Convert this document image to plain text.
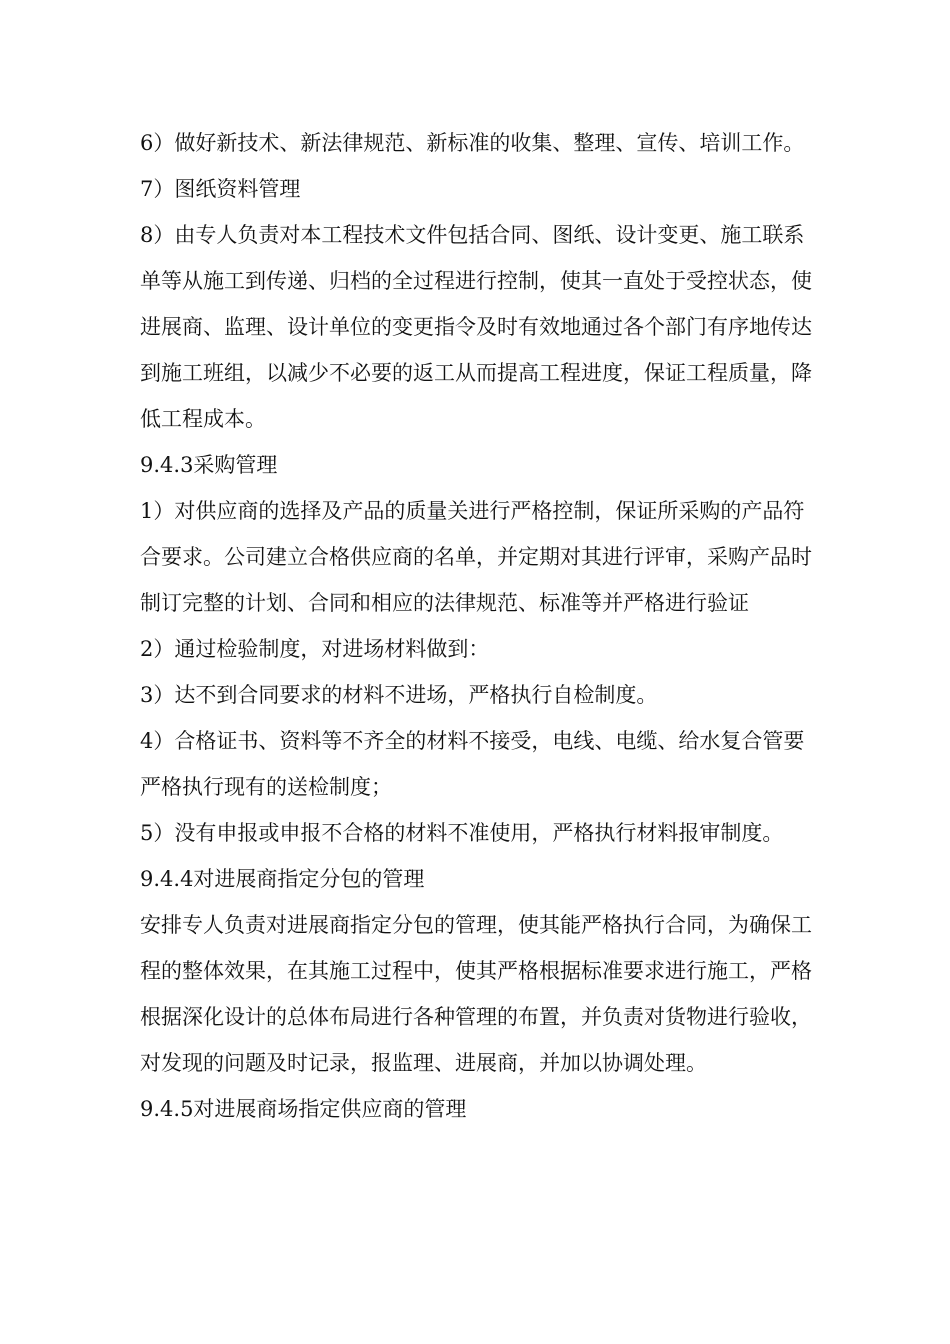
6）做好新技术、新法律规范、新标准的收集、整理、宣传、培训工作。
7）图纸资料管理
8）由专人负责对本工程技术文件包括合同、图纸、设计变更、施工联系
单等从施工到传递、归档的全过程进行控制，使其一直处于受控状态，使
进展商、监理、设计单位的变更指令及时有效地通过各个部门有序地传达
到施工班组，以减少不必要的返工从而提高工程进度，保证工程质量，降
低工程成本。
9.4.3采购管理
1）对供应商的选择及产品的质量关进行严格控制，保证所采购的产品符
合要求。公司建立合格供应商的名单，并定期对其进行评审，采购产品时
制订完整的计划、合同和相应的法律规范、标准等并严格进行验证
2）通过检验制度，对进场材料做到：
3）达不到合同要求的材料不进场，严格执行自检制度。
4）合格证书、资料等不齐全的材料不接受，电线、电缆、给水复合管要
严格执行现有的送检制度；
5）没有申报或申报不合格的材料不准使用，严格执行材料报审制度。
9.4.4对进展商指定分包的管理
安排专人负责对进展商指定分包的管理，使其能严格执行合同，为确保工
程的整体效果，在其施工过程中，使其严格根据标准要求进行施工，严格
根据深化设计的总体布局进行各种管理的布置，并负责对货物进行验收，
对发现的问题及时记录，报监理、进展商，并加以协调处理。
9.4.5对进展商场指定供应商的管理
